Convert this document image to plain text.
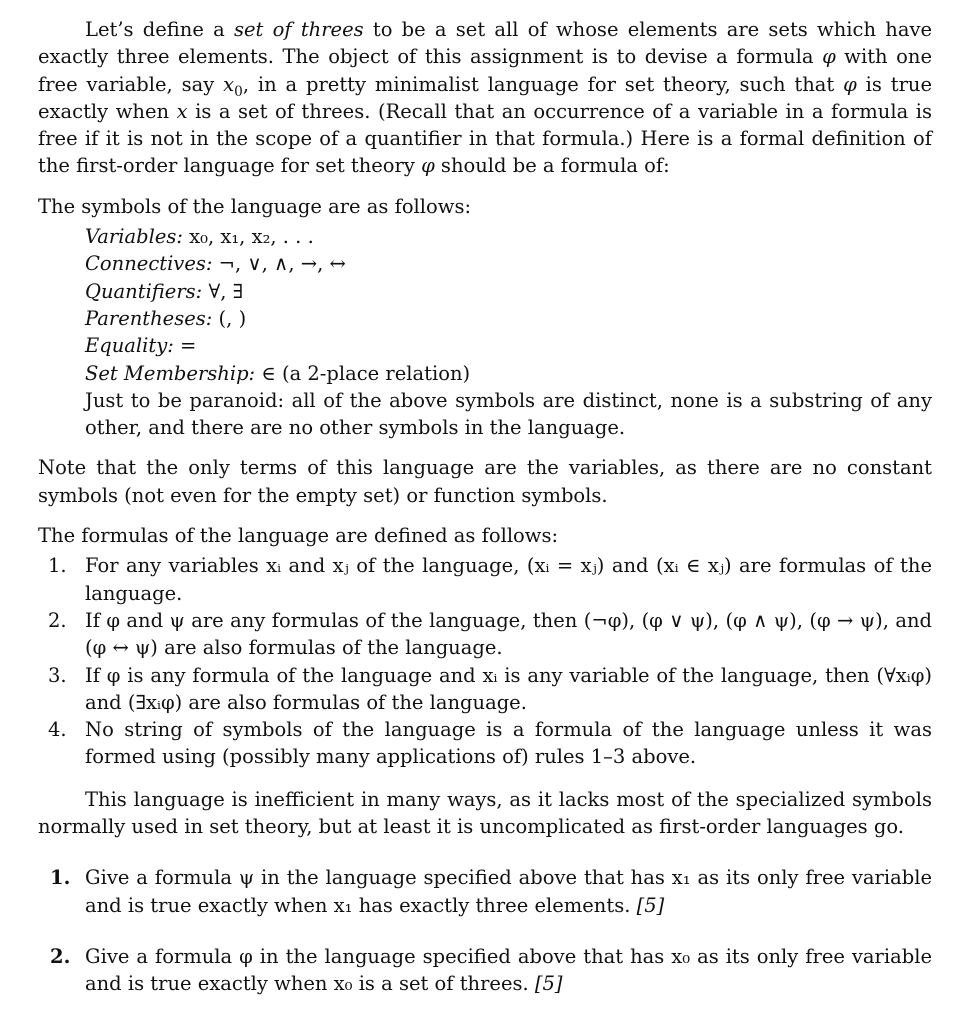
Let’s define a set of threes to be a set all of whose elements are sets which have exactly three elements. The object of this assignment is to devise a formula φ with one free variable, say $x_0$, in a pretty minimalist language for set theory, such that φ is true exactly when x is a set of threes. (Recall that an occurrence of a variable in a formula is free if it is not in the scope of a quantifier in that formula.) Here is a formal definition of the first-order language for set theory φ should be a formula of:

The symbols of the language are as follows:

Variables: x₀, x₁, x₂, . . .

Connectives: ¬, ∨, ∧, →, ↔

Quantifiers: ∀, ∃

Parentheses: (, )

Equality: =

Set Membership: ∈ (a 2-place relation)

Just to be paranoid: all of the above symbols are distinct, none is a substring of any other, and there are no other symbols in the language.

Note that the only terms of this language are the variables, as there are no constant symbols (not even for the empty set) or function symbols.

The formulas of the language are defined as follows:

1. For any variables xᵢ and xⱼ of the language, (xᵢ = xⱼ) and (xᵢ ∈ xⱼ) are formulas of the language.
2. If φ and ψ are any formulas of the language, then (¬φ), (φ ∨ ψ), (φ ∧ ψ), (φ → ψ), and (φ ↔ ψ) are also formulas of the language.
3. If φ is any formula of the language and xᵢ is any variable of the language, then (∀xᵢφ) and (∃xᵢφ) are also formulas of the language.
4. No string of symbols of the language is a formula of the language unless it was formed using (possibly many applications of) rules 1–3 above.

This language is inefficient in many ways, as it lacks most of the specialized symbols normally used in set theory, but at least it is uncomplicated as first-order languages go.

1. Give a formula ψ in the language specified above that has x₁ as its only free variable and is true exactly when x₁ has exactly three elements. [5]
2. Give a formula φ in the language specified above that has x₀ as its only free variable and is true exactly when x₀ is a set of threes. [5]
